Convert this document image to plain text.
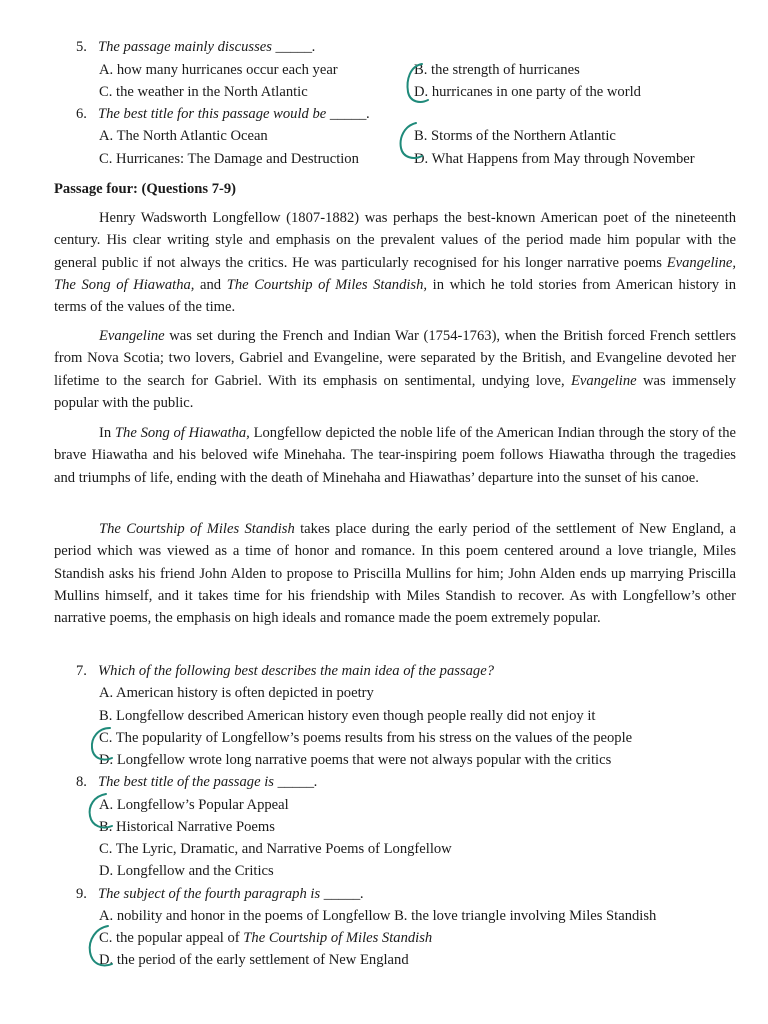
5. The passage mainly discusses _____.
A. how many hurricanes occur each year	B. the strength of hurricanes
C. the weather in the North Atlantic	D. hurricanes in one party of the world
6. The best title for this passage would be _____.
A. The North Atlantic Ocean	B. Storms of the Northern Atlantic
C. Hurricanes: The Damage and Destruction	D. What Happens from May through November
Passage four: (Questions 7-9)

Henry Wadsworth Longfellow (1807-1882) was perhaps the best-known American poet of the nineteenth century. His clear writing style and emphasis on the prevalent values of the period made him popular with the general public if not always the critics. He was particularly recognised for his longer narrative poems Evangeline, The Song of Hiawatha, and The Courtship of Miles Standish, in which he told stories from American history in terms of the values of the time.

Evangeline was set during the French and Indian War (1754-1763), when the British forced French settlers from Nova Scotia; two lovers, Gabriel and Evangeline, were separated by the British, and Evangeline devoted her lifetime to the search for Gabriel. With its emphasis on sentimental, undying love, Evangeline was immensely popular with the public.

In The Song of Hiawatha, Longfellow depicted the noble life of the American Indian through the story of the brave Hiawatha and his beloved wife Minehaha. The tear-inspiring poem follows Hiawatha through the tragedies and triumphs of life, ending with the death of Minehaha and Hiawathas’ departure into the sunset of his canoe.

The Courtship of Miles Standish takes place during the early period of the settlement of New England, a period which was viewed as a time of honor and romance. In this poem centered around a love triangle, Miles Standish asks his friend John Alden to propose to Priscilla Mullins for him; John Alden ends up marrying Priscilla Mullins himself, and it takes time for his friendship with Miles Standish to recover. As with Longfellow’s other narrative poems, the emphasis on high ideals and romance made the poem extremely popular.

7. Which of the following best describes the main idea of the passage?
A. American history is often depicted in poetry
B. Longfellow described American history even though people really did not enjoy it
C. The popularity of Longfellow’s poems results from his stress on the values of the people
D. Longfellow wrote long narrative poems that were not always popular with the critics
8. The best title of the passage is _____.
A. Longfellow’s Popular Appeal
B. Historical Narrative Poems
C. The Lyric, Dramatic, and Narrative Poems of Longfellow
D. Longfellow and the Critics
9. The subject of the fourth paragraph is _____.
A. nobility and honor in the poems of Longfellow B. the love triangle involving Miles Standish
C. the popular appeal of The Courtship of Miles Standish
D. the period of the early settlement of New England
